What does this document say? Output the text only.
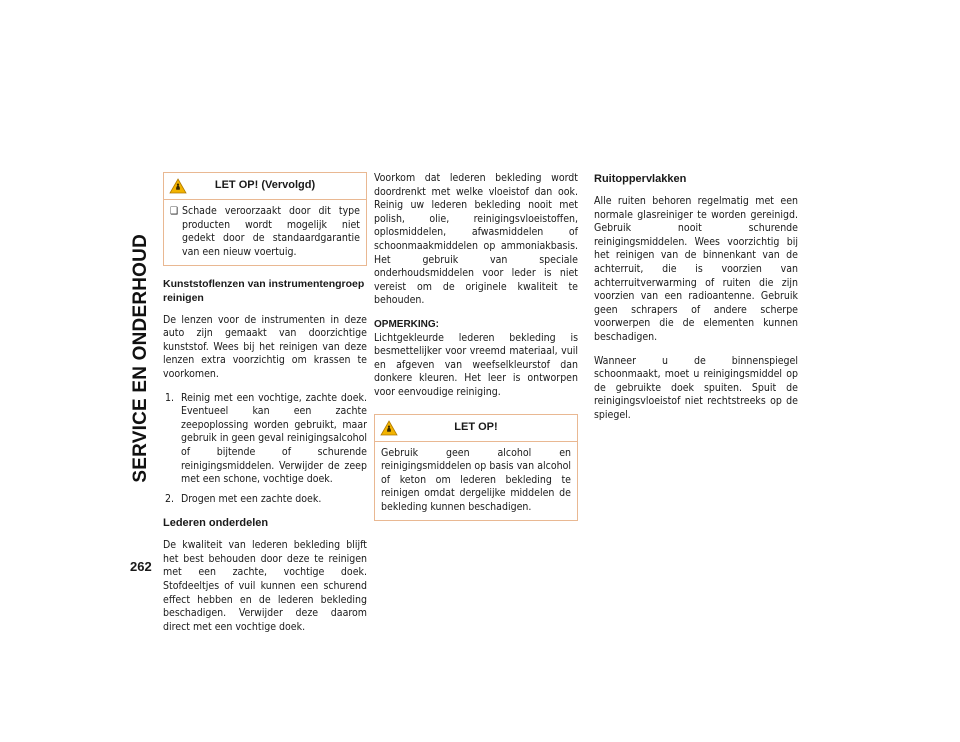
SERVICE EN ONDERHOUD
262
LET OP! (Vervolgd)
❑ Schade veroorzaakt door dit type producten wordt mogelijk niet gedekt door de standaardgarantie van een nieuw voertuig.

Kunststoflenzen van instrumentengroep reinigen

De lenzen voor de instrumenten in deze auto zijn gemaakt van doorzichtige kunststof. Wees bij het reinigen van deze lenzen extra voorzichtig om krassen te voorkomen.

1. Reinig met een vochtige, zachte doek. Eventueel kan een zachte zeepoplossing worden gebruikt, maar gebruik in geen geval reinigingsalcohol of bijtende of schurende reinigingsmiddelen. Verwijder de zeep met een schone, vochtige doek.
2. Drogen met een zachte doek.
Lederen onderdelen

De kwaliteit van lederen bekleding blijft het best behouden door deze te reinigen met een zachte, vochtige doek. Stofdeeltjes of vuil kunnen een schurend effect hebben en de lederen bekleding beschadigen. Verwijder deze daarom direct met een vochtige doek.

Voorkom dat lederen bekleding wordt doordrenkt met welke vloeistof dan ook. Reinig uw lederen bekleding nooit met polish, olie, reinigingsvloeistoffen, oplosmiddelen, afwasmiddelen of schoonmaakmiddelen op ammoniakbasis. Het gebruik van speciale onderhoudsmiddelen voor leder is niet vereist om de originele kwaliteit te behouden.

OPMERKING:
Lichtgekleurde lederen bekleding is besmettelijker voor vreemd materiaal, vuil en afgeven van weefselkleurstof dan donkere kleuren. Het leer is ontworpen voor eenvoudige reiniging.

LET OP!

Gebruik geen alcohol en reinigingsmiddelen op basis van alcohol of keton om lederen bekleding te reinigen omdat dergelijke middelen de bekleding kunnen beschadigen.

Ruitoppervlakken

Alle ruiten behoren regelmatig met een normale glasreiniger te worden gereinigd. Gebruik nooit schurende reinigingsmiddelen. Wees voorzichtig bij het reinigen van de binnenkant van de achterruit, die is voorzien van achterruitverwarming of ruiten die zijn voorzien van een radioantenne. Gebruik geen schrapers of andere scherpe voorwerpen die de elementen kunnen beschadigen.

Wanneer u de binnenspiegel schoonmaakt, moet u reinigingsmiddel op de gebruikte doek spuiten. Spuit de reinigingsvloeistof niet rechtstreeks op de spiegel.
